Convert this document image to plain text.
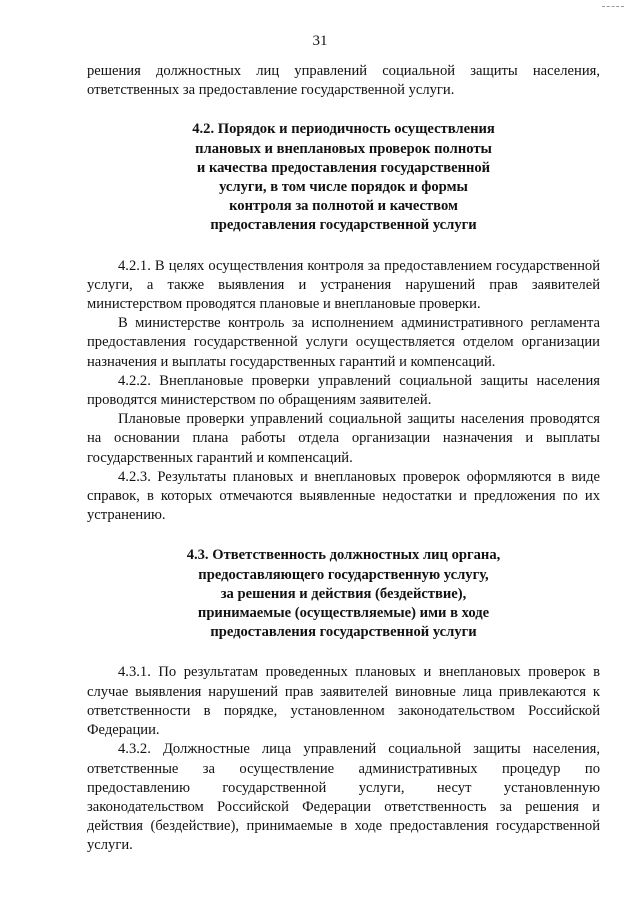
31

решения должностных лиц управлений социальной защиты населения, ответственных за предоставление государственной услуги.

4.2. Порядок и периодичность осуществления
плановых и внеплановых проверок полноты
и качества предоставления государственной
услуги, в том числе порядок и формы
контроля за полнотой и качеством
предоставления государственной услуги

4.2.1. В целях осуществления контроля за предоставлением государственной услуги, а также выявления и устранения нарушений прав заявителей министерством проводятся плановые и внеплановые проверки.

В министерстве контроль за исполнением административного регламента предоставления государственной услуги осуществляется отделом организации назначения и выплаты государственных гарантий и компенсаций.

4.2.2. Внеплановые проверки управлений социальной защиты населения проводятся министерством по обращениям заявителей.

Плановые проверки управлений социальной защиты населения проводятся на основании плана работы отдела организации назначения и выплаты государственных гарантий и компенсаций.

4.2.3. Результаты плановых и внеплановых проверок оформляются в виде справок, в которых отмечаются выявленные недостатки и предложения по их устранению.

4.3. Ответственность должностных лиц органа,
предоставляющего государственную услугу,
за решения и действия (бездействие),
принимаемые (осуществляемые) ими в ходе
предоставления государственной услуги

4.3.1. По результатам проведенных плановых и внеплановых проверок в случае выявления нарушений прав заявителей виновные лица привлекаются к ответственности в порядке, установленном законодательством Российской Федерации.

4.3.2. Должностные лица управлений социальной защиты населения, ответственные за осуществление административных процедур по предоставлению государственной услуги, несут установленную законодательством Российской Федерации ответственность за решения и действия (бездействие), принимаемые в ходе предоставления государственной услуги.
